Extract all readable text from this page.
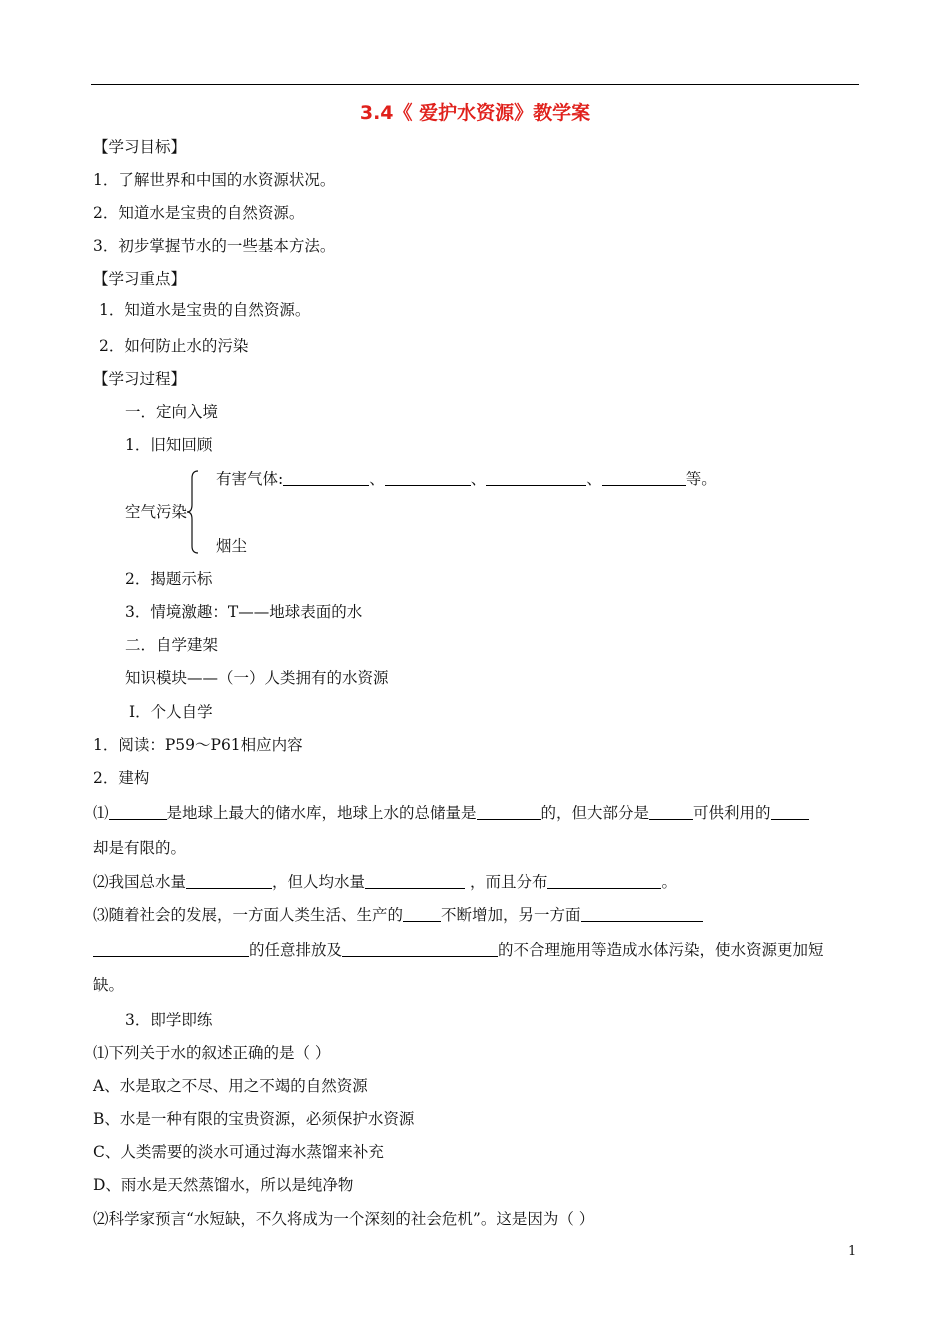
3.4《 爱护水资源》教学案
【学习目标】
1．了解世界和中国的水资源状况。
2．知道水是宝贵的自然资源。
3．初步掌握节水的一些基本方法。
【学习重点】
1．知道水是宝贵的自然资源。
2．如何防止水的污染
【学习过程】
一．定向入境
1．旧知回顾
有害气体:	、	、	、	等。
空气污染
烟尘
2．揭题示标
3．情境激趣：T——地球表面的水
二．自学建架
知识模块——（一）人类拥有的水资源
Ⅰ．个人自学
1．阅读：P59～P61相应内容
2．建构
⑴	是地球上最大的储水库，地球上水的总储量是	的，但大部分是	可供利用的
却是有限的。
⑵我国总水量	，但人均水量	，而且分布	。
⑶随着社会的发展，一方面人类生活、生产的 不断增加，另一方面
的任意排放及	的不合理施用等造成水体污染，使水资源更加短
缺。
3．即学即练
⑴下列关于水的叙述正确的是（ ）
A、水是取之不尽、用之不竭的自然资源
B、水是一种有限的宝贵资源，必须保护水资源
C、人类需要的淡水可通过海水蒸馏来补充
D、雨水是天然蒸馏水，所以是纯净物
⑵科学家预言“水短缺，不久将成为一个深刻的社会危机”。这是因为（ ）
1
